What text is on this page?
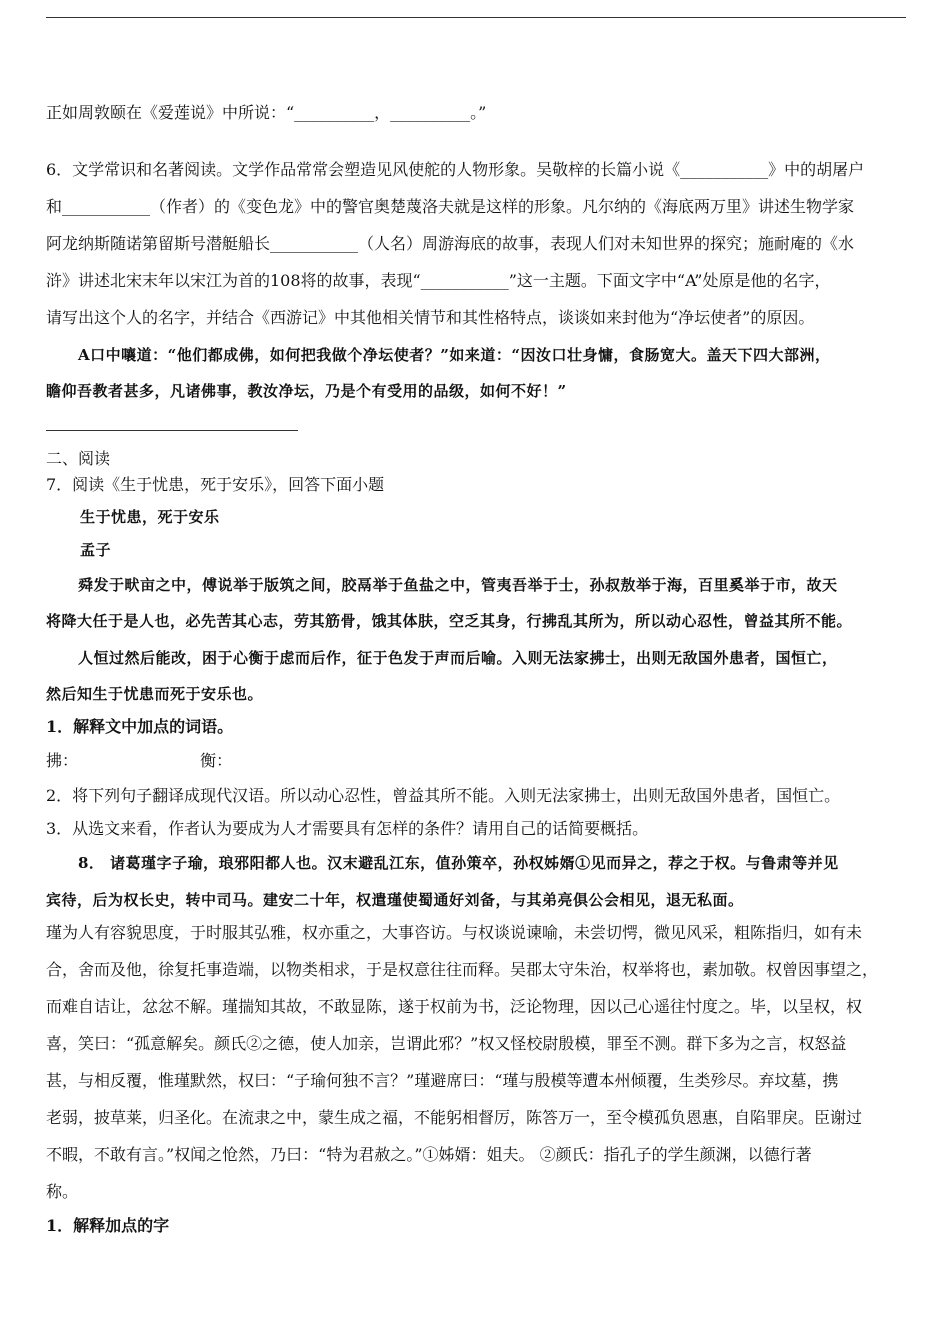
正如周敦颐在《爱莲说》中所说：“__________，__________。”
6．文学常识和名著阅读。文学作品常常会塑造见风使舵的人物形象。吴敬梓的长篇小说《___________》中的胡屠户
和___________（作者）的《变色龙》中的警官奥楚蔑洛夫就是这样的形象。凡尔纳的《海底两万里》讲述生物学家
阿龙纳斯随诺第留斯号潜艇船长___________（人名）周游海底的故事，表现人们对未知世界的探究；施耐庵的《水
浒》讲述北宋末年以宋江为首的108将的故事，表现“___________”这一主题。下面文字中“A”处原是他的名字，
请写出这个人的名字，并结合《西游记》中其他相关情节和其性格特点，谈谈如来封他为“净坛使者”的原因。
A口中嚷道：“他们都成佛，如何把我做个净坛使者？”如来道：“因汝口壮身慵，食肠宽大。盖天下四大部洲，
瞻仰吾教者甚多，凡诸佛事，教汝净坛，乃是个有受用的品级，如何不好！”
二、阅读
7．阅读《生于忧患，死于安乐》，回答下面小题
生于忧患，死于安乐
孟子
舜发于畎亩之中，傅说举于版筑之间，胶鬲举于鱼盐之中，管夷吾举于士，孙叔敖举于海，百里奚举于市，故天
将降大任于是人也，必先苦其心志，劳其筋骨，饿其体肤，空乏其身，行拂乱其所为，所以动心忍性，曾益其所不能。
人恒过然后能改，困于心衡于虑而后作，征于色发于声而后喻。入则无法家拂士，出则无敌国外患者，国恒亡，
然后知生于忧患而死于安乐也。
1．解释文中加点的词语。
拂：                        衡：
2．将下列句子翻译成现代汉语。所以动心忍性，曾益其所不能。入则无法家拂士，出则无敌国外患者，国恒亡。
3．从选文来看，作者认为要成为人才需要具有怎样的条件？请用自己的话简要概括。
8． 诸葛瑾字子瑜，琅邪阳都人也。汉末避乱江东，值孙策卒，孙权姊婿①见而异之，荐之于权。与鲁肃等并见
宾待，后为权长史，转中司马。建安二十年，权遣瑾使蜀通好刘备，与其弟亮俱公会相见，退无私面。
瑾为人有容貌思度，于时服其弘雅，权亦重之，大事咨访。与权谈说谏喻，未尝切愕，微见风采，粗陈指归，如有未
合，舍而及他，徐复托事造端，以物类相求，于是权意往往而释。吴郡太守朱治，权举将也，素加敬。权曾因事望之，
而难自诘让，忿忿不解。瑾揣知其故，不敢显陈，遂于权前为书，泛论物理，因以己心遥往忖度之。毕，以呈权，权
喜，笑曰：“孤意解矣。颜氏②之德，使人加亲，岂谓此邪？”权又怪校尉殷模，罪至不测。群下多为之言，权怒益
甚，与相反覆，惟瑾默然，权曰：“子瑜何独不言？”瑾避席曰：“瑾与殷模等遭本州倾覆，生类殄尽。弃坟墓，携
老弱，披草莱，归圣化。在流隶之中，蒙生成之福，不能躬相督厉，陈答万一，至令模孤负恩惠，自陷罪戾。臣谢过
不暇，不敢有言。”权闻之怆然，乃曰：“特为君赦之。”①姊婿：姐夫。 ②颜氏：指孔子的学生颜渊，以德行著
称。
1．解释加点的字
